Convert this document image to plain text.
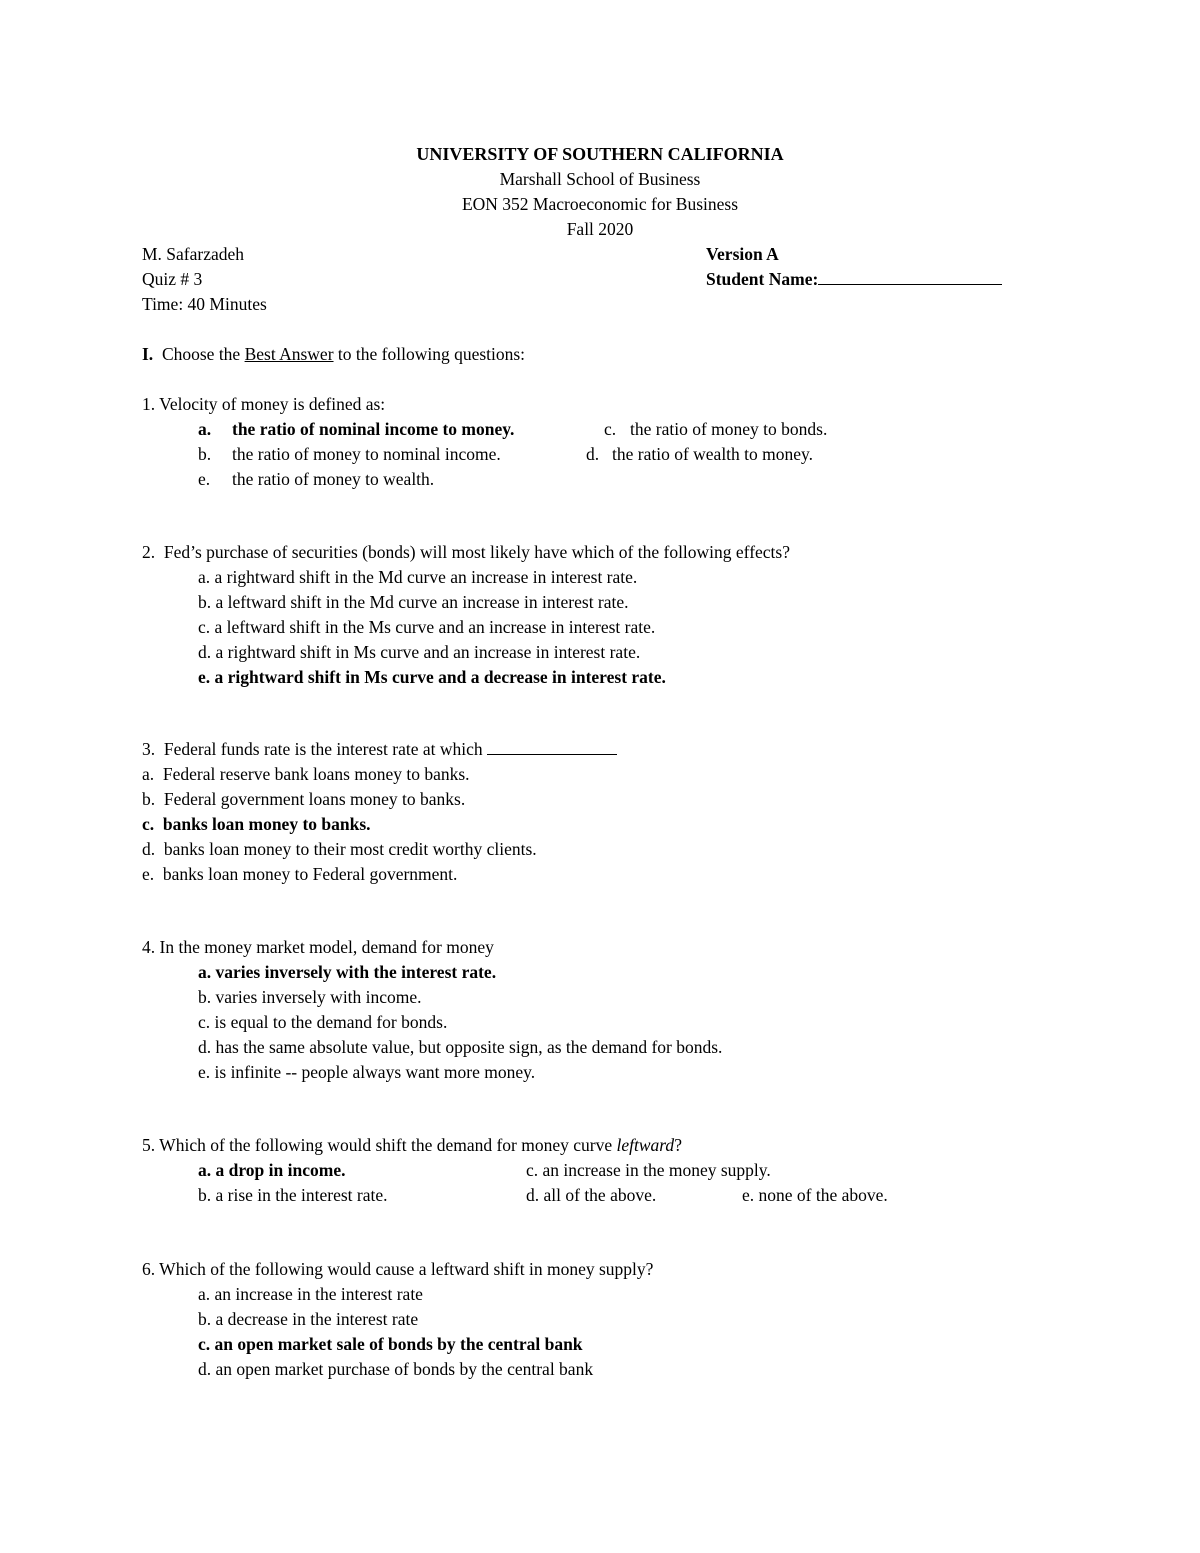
UNIVERSITY OF SOUTHERN CALIFORNIA
Marshall School of Business
EON 352 Macroeconomic for Business
Fall 2020
M. Safarzadeh
Quiz # 3
Time: 40 Minutes
Version A
Student Name:
I. Choose the Best Answer to the following questions:
1. Velocity of money is defined as:
a. the ratio of nominal income to money.	c. the ratio of money to bonds.
b. the ratio of money to nominal income.	d. the ratio of wealth to money.
e. the ratio of money to wealth.
2.  Fed’s purchase of securities (bonds) will most likely have which of the following effects?
a. a rightward shift in the Md curve an increase in interest rate.
b. a leftward shift in the Md curve an increase in interest rate.
c. a leftward shift in the Ms curve and an increase in interest rate.
d. a rightward shift in Ms curve and an increase in interest rate.
e. a rightward shift in Ms curve and a decrease in interest rate.
3.  Federal funds rate is the interest rate at which
a.  Federal reserve bank loans money to banks.
b.  Federal government loans money to banks.
c.  banks loan money to banks.
d.  banks loan money to their most credit worthy clients.
e.  banks loan money to Federal government.
4. In the money market model, demand for money
a. varies inversely with the interest rate.
b. varies inversely with income.
c. is equal to the demand for bonds.
d. has the same absolute value, but opposite sign, as the demand for bonds.
e. is infinite -- people always want more money.
5. Which of the following would shift the demand for money curve leftward?
a. a drop in income.	c. an increase in the money supply.
b. a rise in the interest rate.	d. all of the above.	e. none of the above.
6. Which of the following would cause a leftward shift in money supply?
a. an increase in the interest rate
b. a decrease in the interest rate
c. an open market sale of bonds by the central bank
d. an open market purchase of bonds by the central bank
